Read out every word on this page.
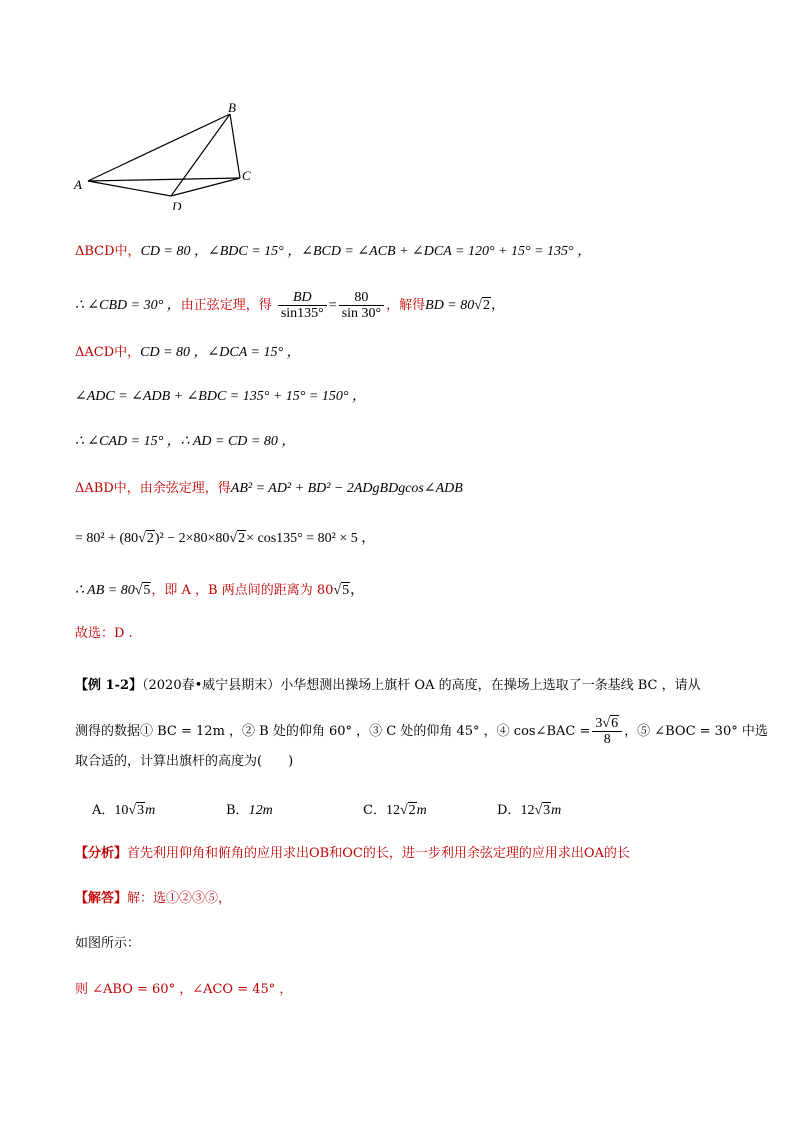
B
A
C
D
ΔBCD中，CD = 80 ，∠BDC = 15° ，∠BCD = ∠ACB + ∠DCA = 120° + 15° = 135° ，
∴ ∠CBD = 30° ，由正弦定理，得 $\frac{BD}{\sin 135^\circ} = \frac{80}{\sin 30^\circ}$ ，解得BD = 80√2，
ΔACD中，CD = 80 ，∠DCA = 15° ，
∠ADC = ∠ADB + ∠BDC = 135° + 15° = 150° ，
∴ ∠CAD = 15° ，∴ AD = CD = 80 ，
ΔABD中，由余弦定理，得AB² = AD² + BD² − 2ADgBDgcos∠ADB
= 80² + (80√2)² − 2×80×80√2× cos135° = 80² × 5 ，
∴ AB = 80√5，即 A ，B 两点间的距离为 80√5，
故选：D .
【例 1-2】（2020春•威宁县期末）小华想测出操场上旗杆 OA 的高度，在操场上选取了一条基线 BC ，请从
测得的数据① BC = 12m ，② B 处的仰角 60° ，③ C 处的仰角 45° ，④ cos∠BAC = $\frac{3√6}{8}$ ，⑤ ∠BOC = 30° 中选
取合适的，计算出旗杆的高度为(　　)
A．10√3m	B．12m	C．12√2m	D．12√3m
【分析】首先利用仰角和俯角的应用求出OB和OC的长，进一步利用余弦定理的应用求出OA的长
【解答】解：选①②③⑤，
如图所示：
则 ∠ABO = 60° ，∠ACO = 45° ，
